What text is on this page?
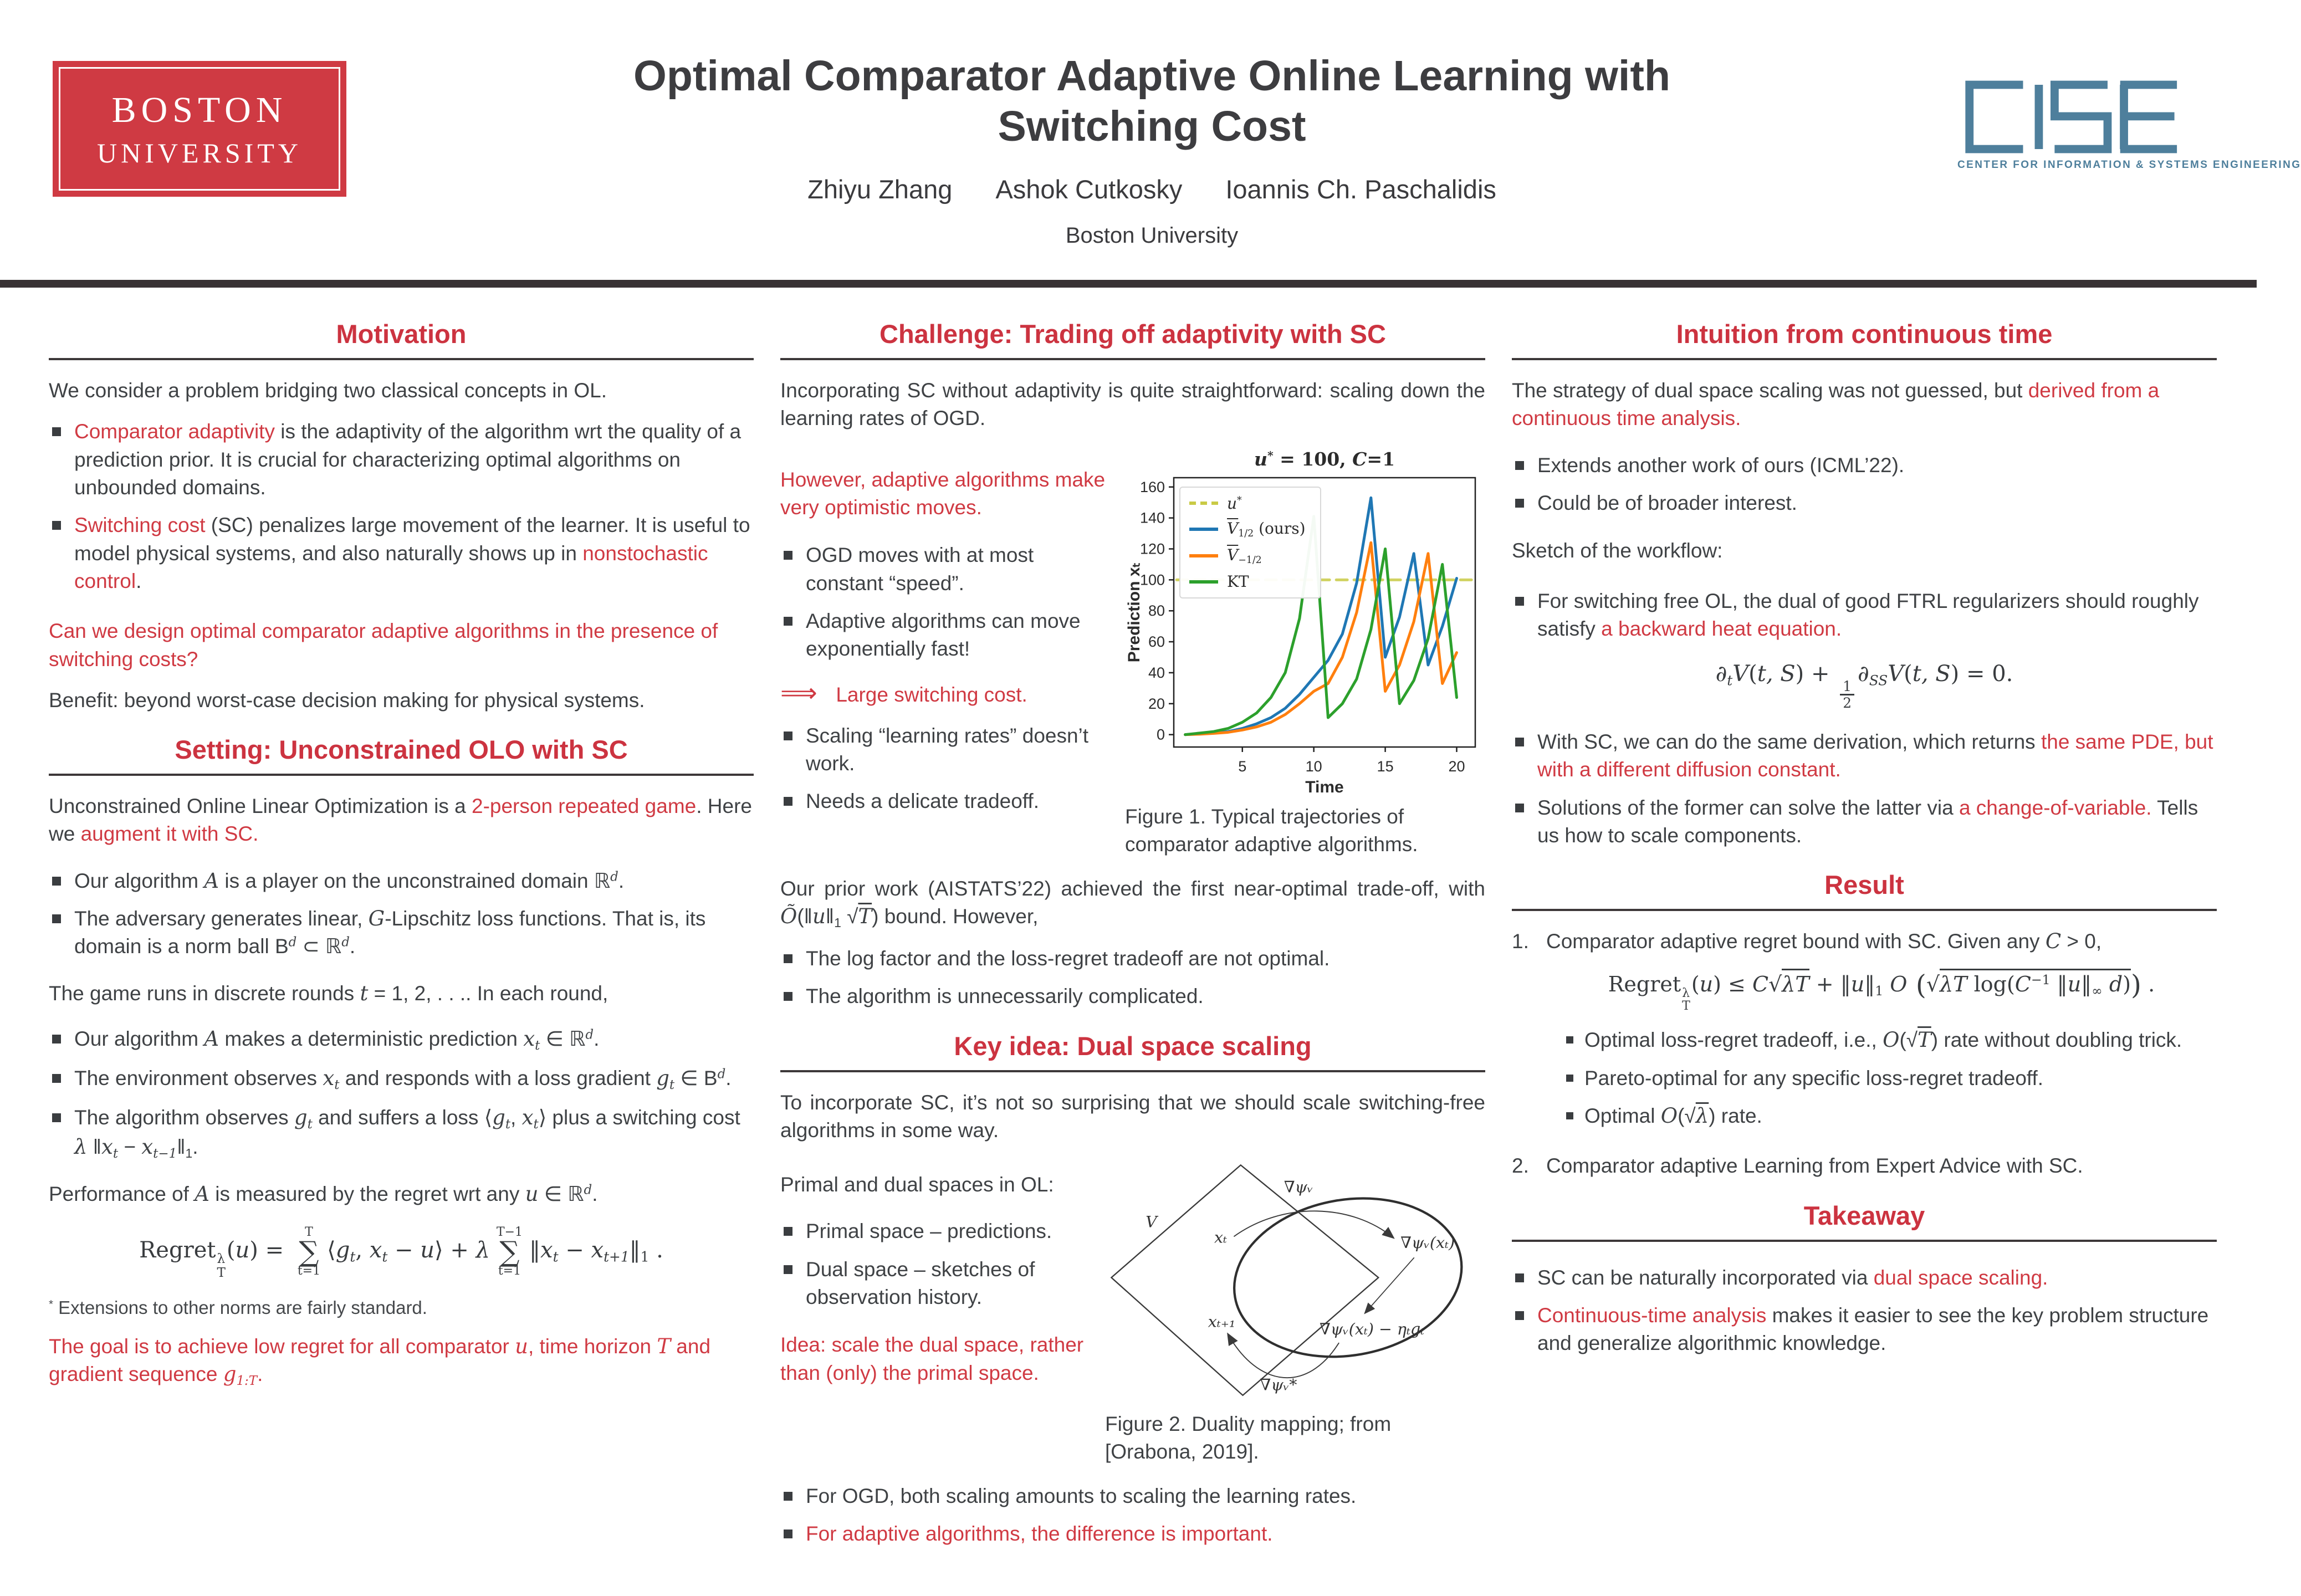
BOSTON
UNIVERSITY
Optimal Comparator Adaptive Online Learning with
Switching Cost
Zhiyu Zhang Ashok Cutkosky Ioannis Ch. Paschalidis
Boston University
CENTER FOR INFORMATION & SYSTEMS ENGINEERING
Motivation

We consider a problem bridging two classical concepts in OL.

Comparator adaptivity is the adaptivity of the algorithm wrt the quality of a prediction prior. It is crucial for characterizing optimal algorithms on unbounded domains.
Switching cost (SC) penalizes large movement of the learner. It is useful to model physical systems, and also naturally shows up in nonstochastic control.

Can we design optimal comparator adaptive algorithms in the presence of switching costs?

Benefit: beyond worst-case decision making for physical systems.

Setting: Unconstrained OLO with SC

Unconstrained Online Linear Optimization is a 2-person repeated game. Here we augment it with SC.

Our algorithm A is a player on the unconstrained domain ℝ$^d$.
The adversary generates linear, G-Lipschitz loss functions. That is, its domain is a norm ball $B^d$ ⊂ ℝ$^d$.

The game runs in discrete rounds t = 1, 2, . . .. In each round,

Our algorithm A makes a deterministic prediction $x_t$ ∈ ℝ$^d$.
The environment observes $x_t$ and responds with a loss gradient $g_t$ ∈ $B^d$.
The algorithm observes $g_t$ and suffers a loss $⟨g_t$, $x_t⟩$ plus a switching cost λ $‖x_t$ − $x_{t-1}‖_1$.

Performance of A is measured by the regret wrt any u ∈ ℝ$^d$.

Regret λ
T
(u) =
T
∑
t=1
$⟨g_t$, $x_t$ − u⟩ + λ
T−1
∑
t=1
$‖x_t$ − $x_{t+1}‖_1$ .

* Extensions to other norms are fairly standard.

The goal is to achieve low regret for all comparator u, time horizon T and gradient sequence $g_{1:T}$.

Challenge: Trading off adaptivity with SC

Incorporating SC without adaptivity is quite straightforward: scaling down the learning rates of OGD.

However, adaptive algorithms make very optimistic moves.

OGD moves with at most constant “speed”.
Adaptive algorithms can move exponentially fast!
⟹ Large switching cost.
Scaling “learning rates” doesn’t work.
Needs a delicate tradeoff.
u* = 100, C=1
0
20
40
60
80
100
120
140
160
5	10	15	20
Time
Prediction xₜ
u*
$\overline{V}_{1/2}$ (ours)
$\overline{V}_{-1/2}$
KT
Figure 1. Typical trajectories of comparator adaptive algorithms.

Our prior work (AISTATS’22) achieved the first near-optimal trade-off, with $Õ(‖u‖_1$ √T) bound. However,

The log factor and the loss-regret tradeoff are not optimal.
The algorithm is unnecessarily complicated.
Key idea: Dual space scaling

To incorporate SC, it’s not so surprising that we should scale switching-free algorithms in some way.

Primal and dual spaces in OL:

Primal space – predictions.
Dual space – sketches of observation history.

Idea: scale the dual space, rather than (only) the primal space.

V
xₜ
xₜ₊₁
∇ψᵥ
∇ψᵥ(xₜ)
∇ψᵥ(xₜ) − ηₜgₜ
∇ψᵥ*
Figure 2. Duality mapping; from [Orabona, 2019].
For OGD, both scaling amounts to scaling the learning rates.
For adaptive algorithms, the difference is important.
Intuition from continuous time

The strategy of dual space scaling was not guessed, but derived from a continuous time analysis.

Extends another work of ours (ICML’22).
Could be of broader interest.

Sketch of the workflow:

For switching free OL, the dual of good FTRL regularizers should roughly satisfy a backward heat equation.
$\partial_tV(t$, S) +
$\frac{1}{2}$
$\partial_{SS}V(t$, S) = 0.
With SC, we can do the same derivation, which returns the same PDE, but with a different diffusion constant.
Solutions of the former can solve the latter via a change-of-variable. Tells us how to scale components.
Result
1. Comparator adaptive regret bound with SC. Given any C > 0,
Regret λ
T
$(u) \le C√\lambda T + ‖u‖_1$ O (√λT $\log(C^{-1}$ $‖u‖_\infty$ d)) .
Optimal loss-regret tradeoff, i.e., O(√T) rate without doubling trick.
Pareto-optimal for any specific loss-regret tradeoff.
Optimal O(√λ) rate.
2. Comparator adaptive Learning from Expert Advice with SC.
Takeaway
SC can be naturally incorporated via dual space scaling.
Continuous-time analysis makes it easier to see the key problem structure and generalize algorithmic knowledge.
